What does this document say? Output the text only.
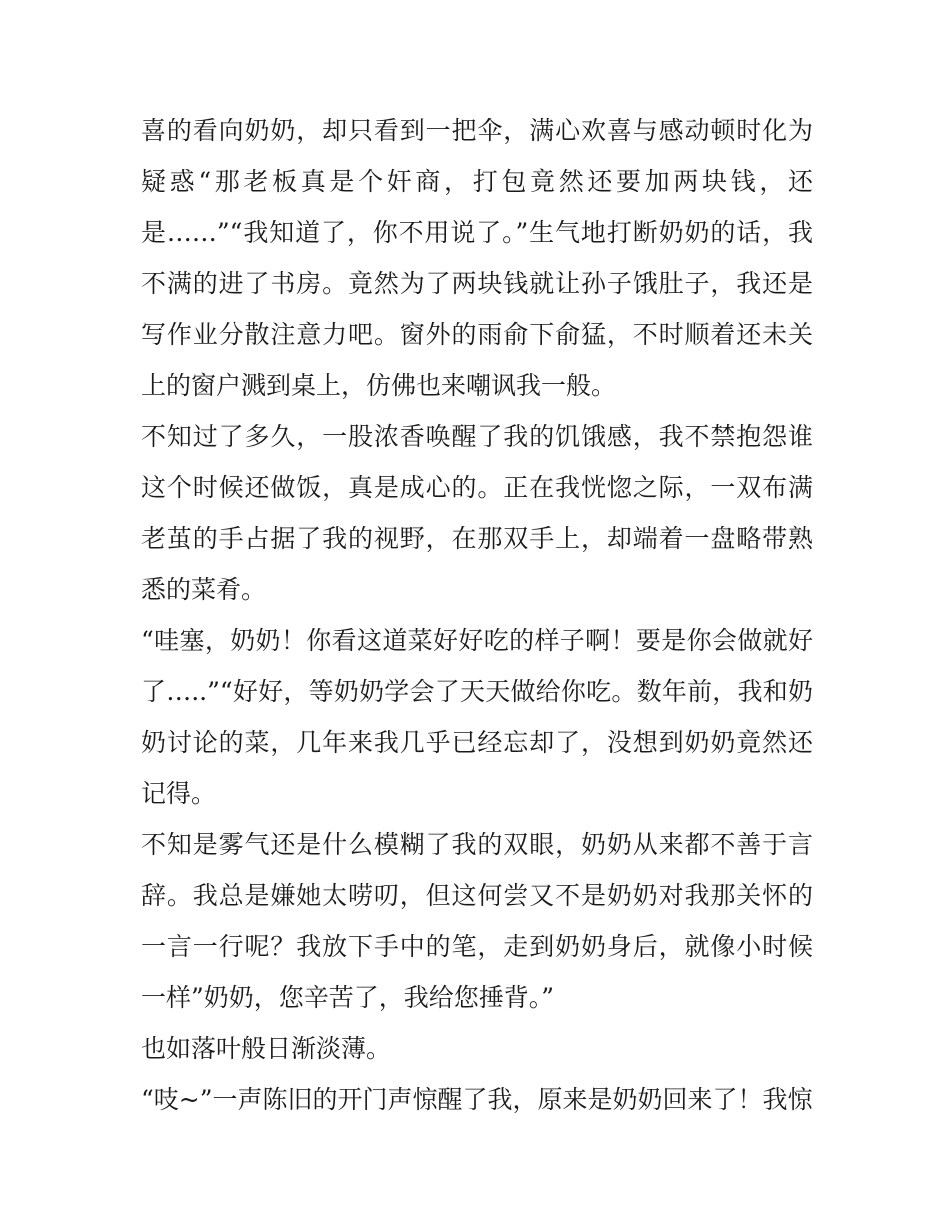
喜的看向奶奶，却只看到一把伞，满心欢喜与感动顿时化为疑惑“那老板真是个奸商，打包竟然还要加两块钱，还是……”“我知道了，你不用说了。”生气地打断奶奶的话，我不满的进了书房。竟然为了两块钱就让孙子饿肚子，我还是写作业分散注意力吧。窗外的雨俞下俞猛，不时顺着还未关上的窗户溅到桌上，仿佛也来嘲讽我一般。

不知过了多久，一股浓香唤醒了我的饥饿感，我不禁抱怨谁这个时候还做饭，真是成心的。正在我恍惚之际，一双布满老茧的手占据了我的视野，在那双手上，却端着一盘略带熟悉的菜肴。

“哇塞，奶奶！你看这道菜好好吃的样子啊！要是你会做就好了…..”“好好，等奶奶学会了天天做给你吃。数年前，我和奶奶讨论的菜，几年来我几乎已经忘却了，没想到奶奶竟然还记得。

不知是雾气还是什么模糊了我的双眼，奶奶从来都不善于言辞。我总是嫌她太唠叨，但这何尝又不是奶奶对我那关怀的一言一行呢？我放下手中的笔，走到奶奶身后，就像小时候一样”奶奶，您辛苦了，我给您捶背。”

也如落叶般日渐淡薄。

“吱~”一声陈旧的开门声惊醒了我，原来是奶奶回来了！我惊
